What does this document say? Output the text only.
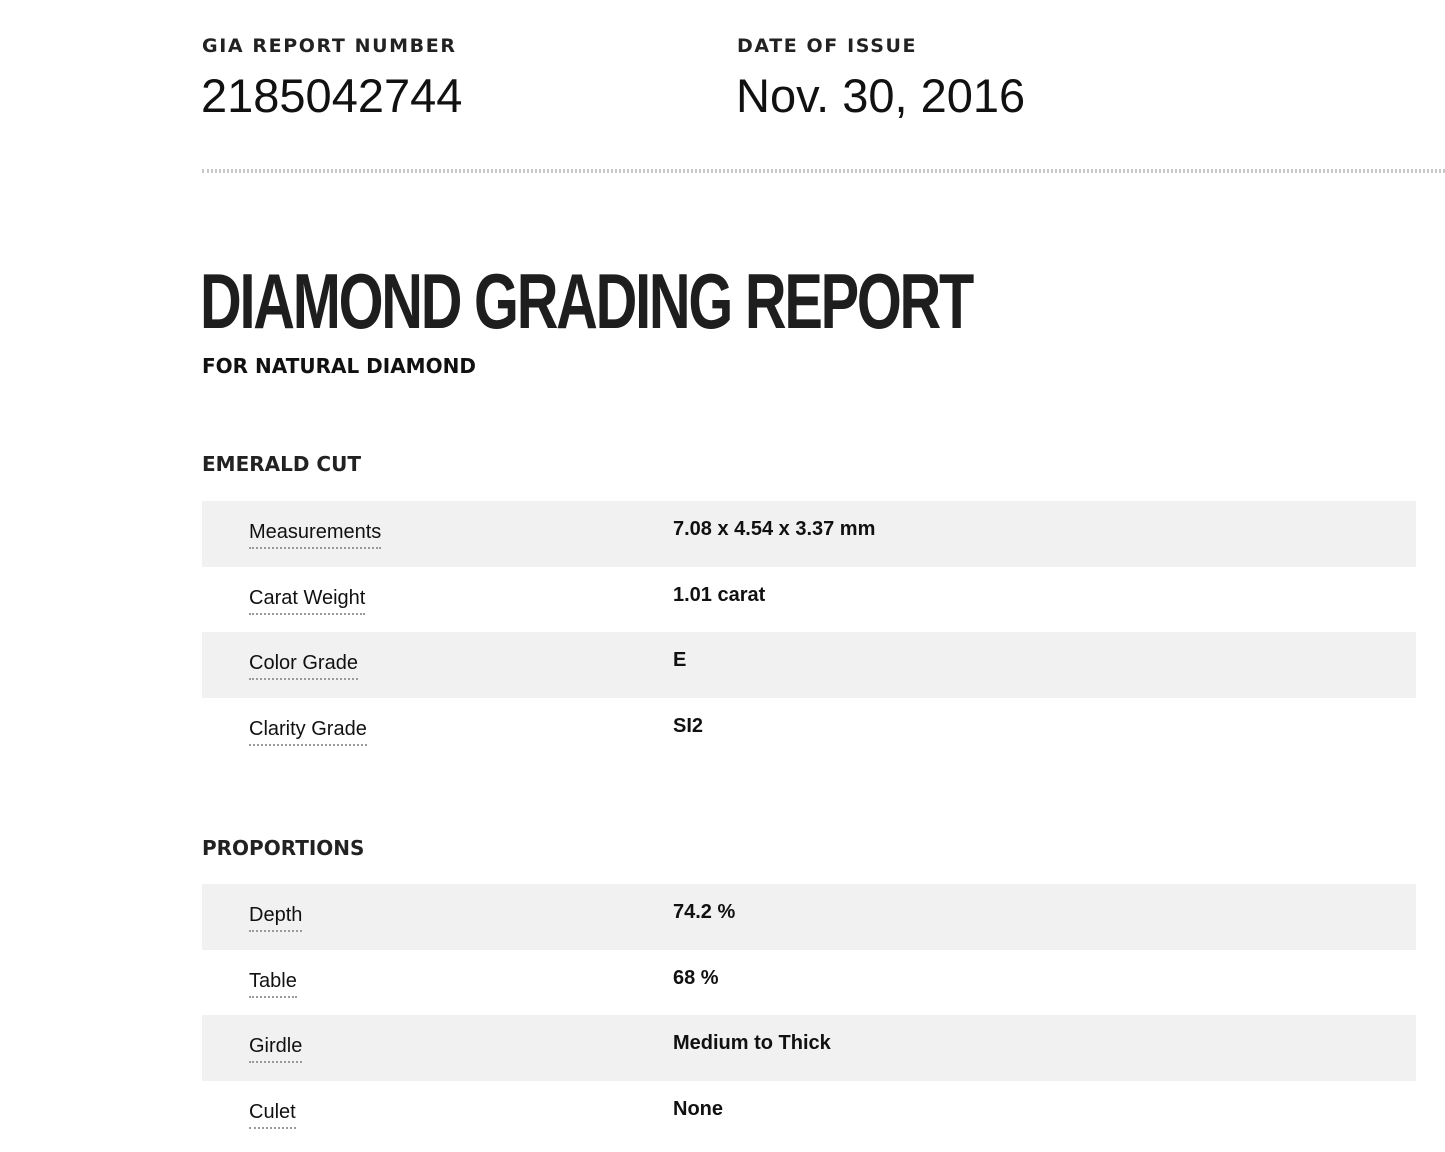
GIA REPORT NUMBER
2185042744
DATE OF ISSUE
Nov. 30, 2016
DIAMOND GRADING REPORT
FOR NATURAL DIAMOND
EMERALD CUT
Measurements	7.08 x 4.54 x 3.37 mm
Carat Weight	1.01 carat
Color Grade	E
Clarity Grade	SI2
PROPORTIONS
Depth	74.2 %
Table	68 %
Girdle	Medium to Thick
Culet	None
